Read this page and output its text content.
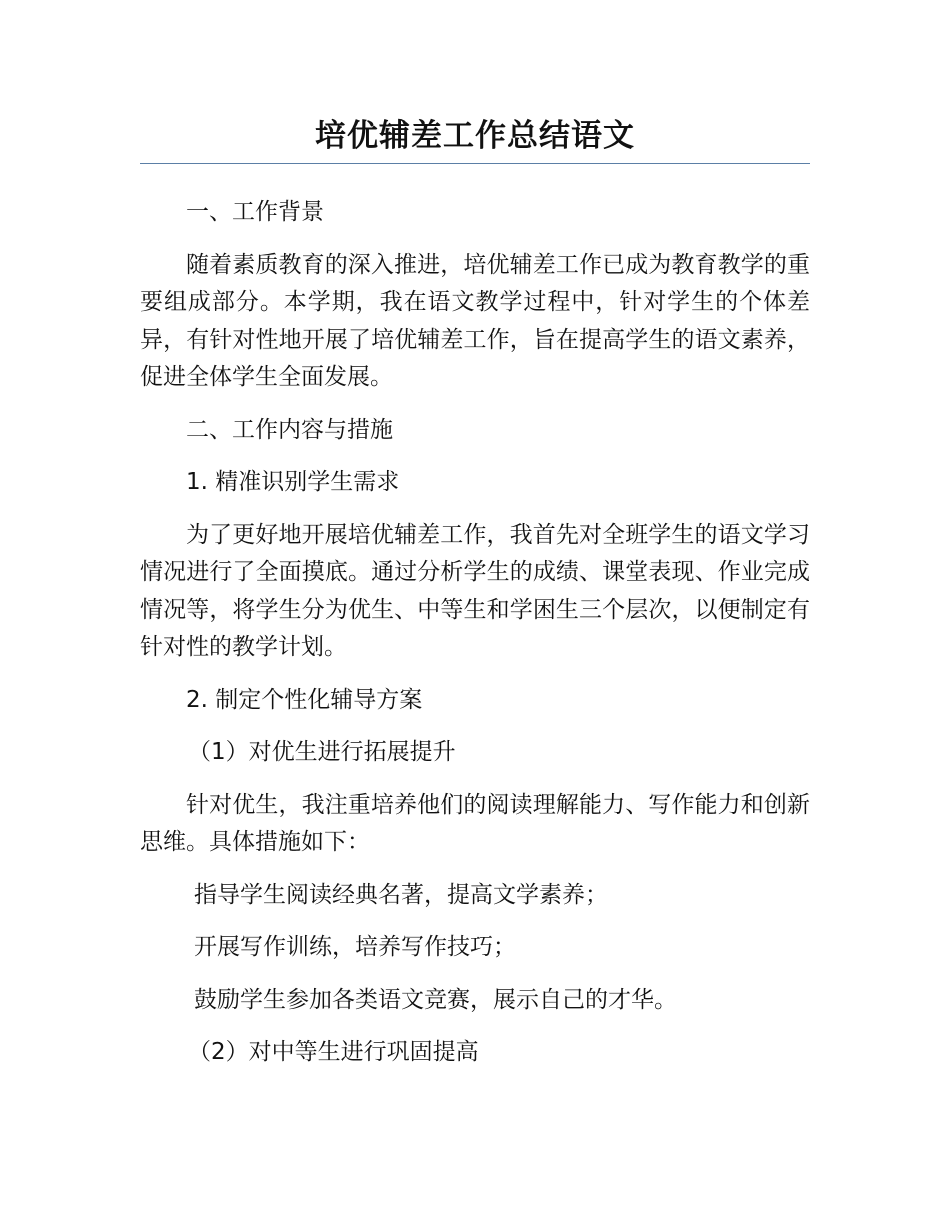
培优辅差工作总结语文

一、工作背景

随着素质教育的深入推进，培优辅差工作已成为教育教学的重要组成部分。本学期，我在语文教学过程中，针对学生的个体差异，有针对性地开展了培优辅差工作，旨在提高学生的语文素养，促进全体学生全面发展。

二、工作内容与措施

1. 精准识别学生需求

为了更好地开展培优辅差工作，我首先对全班学生的语文学习情况进行了全面摸底。通过分析学生的成绩、课堂表现、作业完成情况等，将学生分为优生、中等生和学困生三个层次，以便制定有针对性的教学计划。

2. 制定个性化辅导方案

（1）对优生进行拓展提升

针对优生，我注重培养他们的阅读理解能力、写作能力和创新思维。具体措施如下：

指导学生阅读经典名著，提高文学素养；

开展写作训练，培养写作技巧；

鼓励学生参加各类语文竞赛，展示自己的才华。

（2）对中等生进行巩固提高
